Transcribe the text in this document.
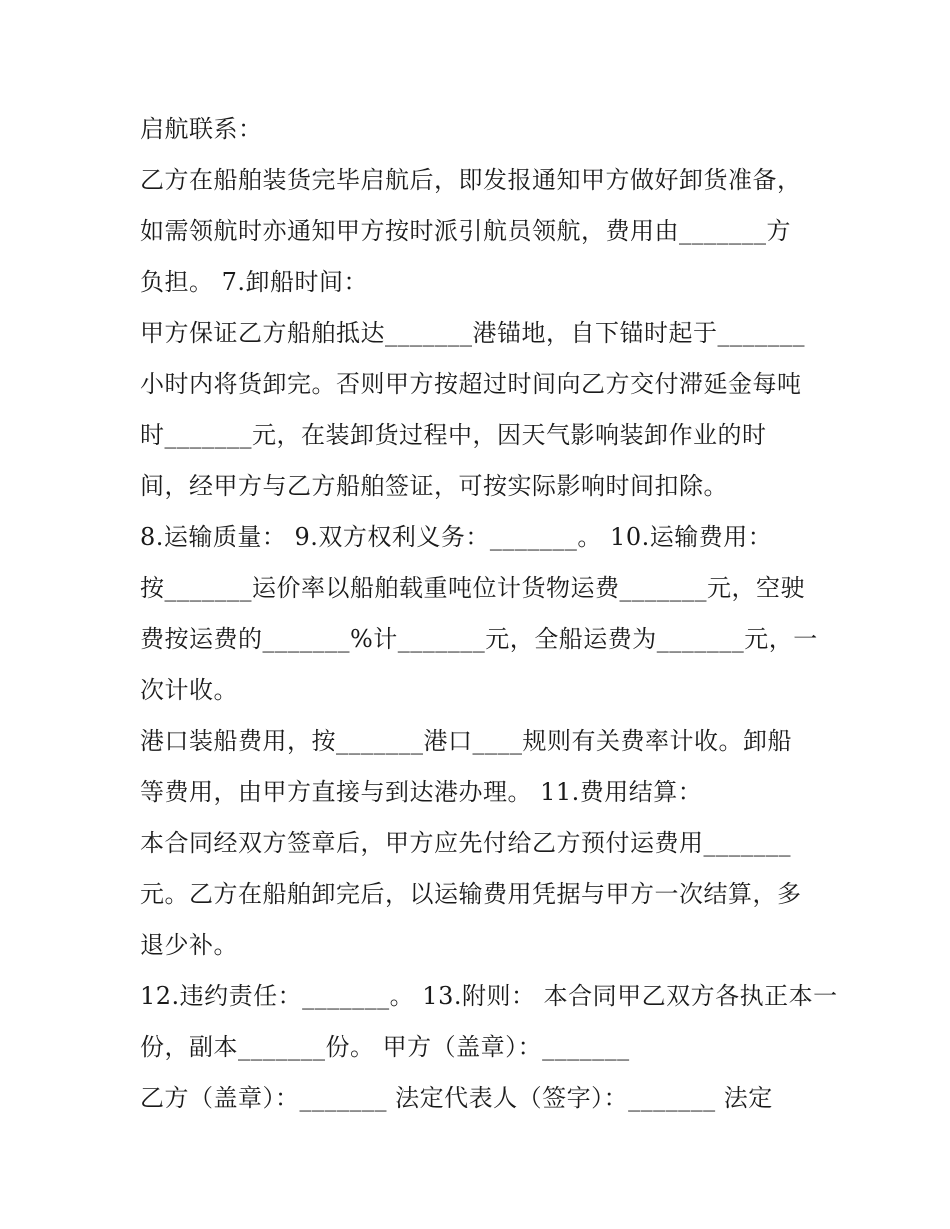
启航联系：
乙方在船舶装货完毕启航后，即发报通知甲方做好卸货准备，
如需领航时亦通知甲方按时派引航员领航，费用由_______方
负担。 7.卸船时间：
甲方保证乙方船舶抵达_______港锚地，自下锚时起于_______
小时内将货卸完。否则甲方按超过时间向乙方交付滞延金每吨
时_______元，在装卸货过程中，因天气影响装卸作业的时
间，经甲方与乙方船舶签证，可按实际影响时间扣除。
8.运输质量： 9.双方权利义务：_______。 10.运输费用：
按_______运价率以船舶载重吨位计货物运费_______元，空驶
费按运费的_______%计_______元，全船运费为_______元，一
次计收。
港口装船费用，按_______港口____规则有关费率计收。卸船
等费用，由甲方直接与到达港办理。 11.费用结算：
本合同经双方签章后，甲方应先付给乙方预付运费用_______
元。乙方在船舶卸完后，以运输费用凭据与甲方一次结算，多
退少补。
12.违约责任：_______。 13.附则： 本合同甲乙双方各执正本一
份，副本_______份。 甲方（盖章）：_______
乙方（盖章）：_______ 法定代表人（签字）：_______ 法定
